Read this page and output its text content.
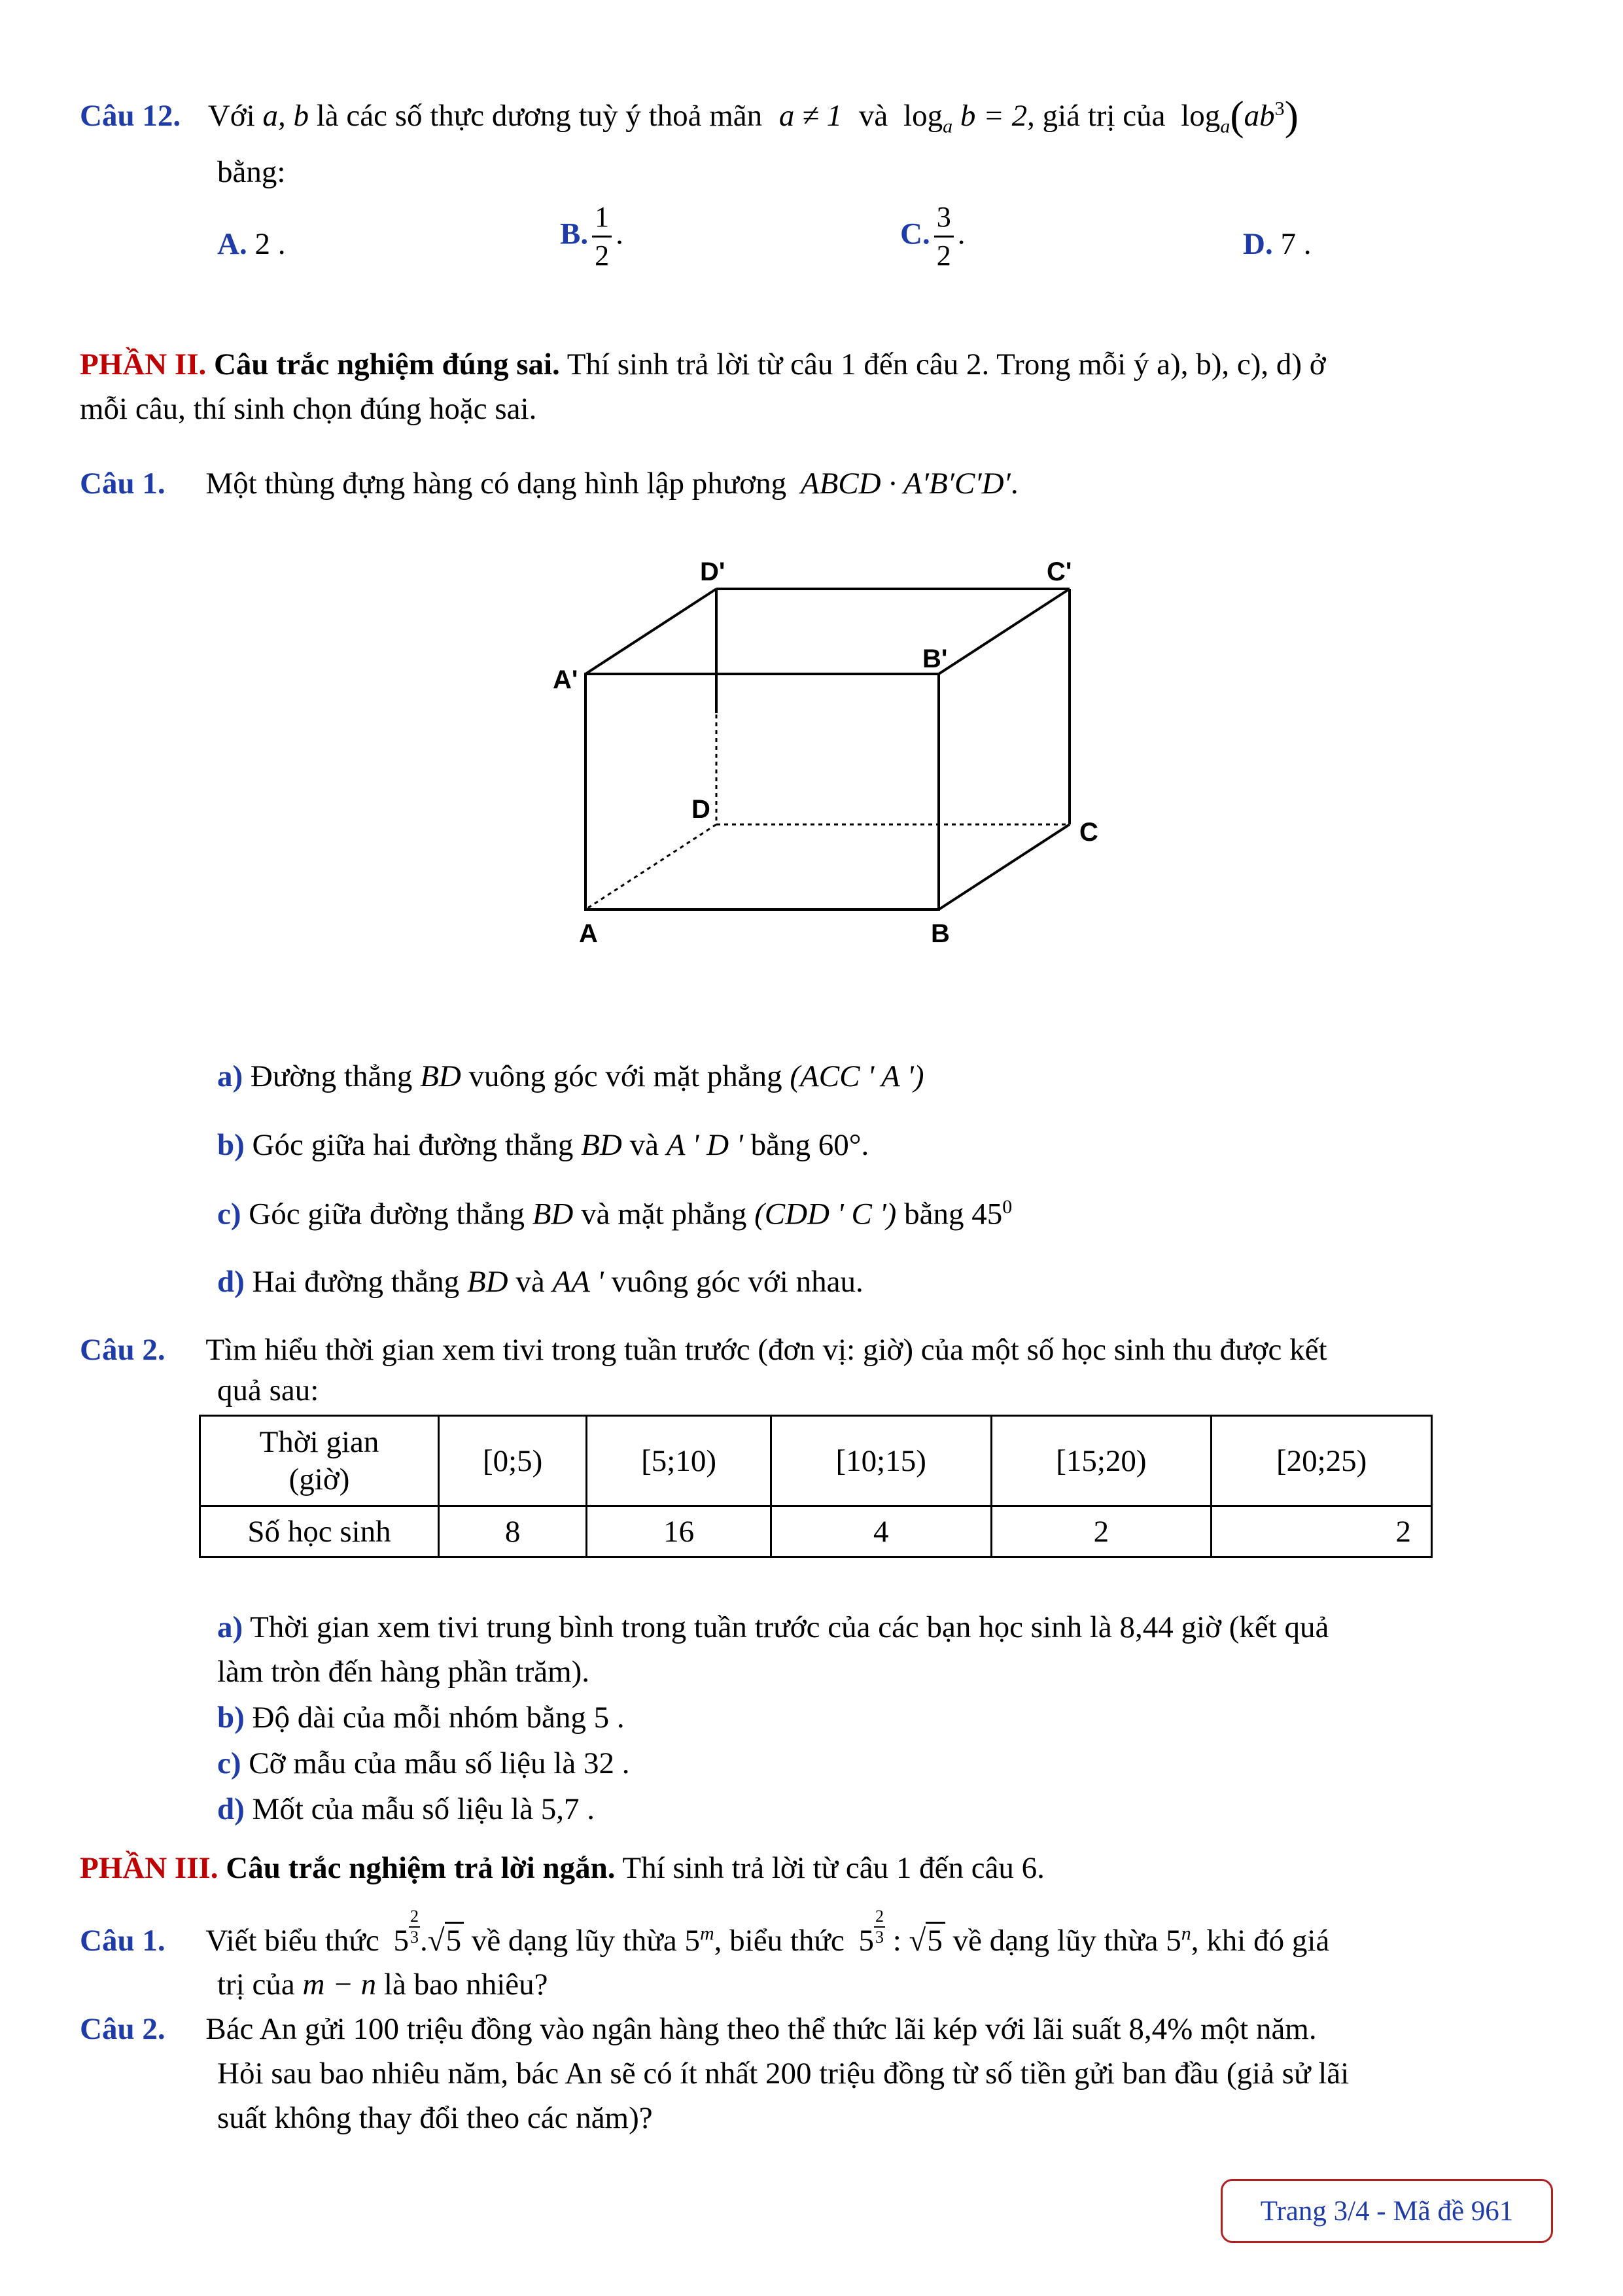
Câu 12. Với a, b là các số thực dương tuỳ ý thoả mãn a ≠ 1 và $\log_a b = 2$, giá trị của $\log_a(ab^3)$
bằng:
A. 2 .	B. $\frac{1}{2}$ .	C. $\frac{3}{2}$ .	D. 7 .
PHẦN II. Câu trắc nghiệm đúng sai. Thí sinh trả lời từ câu 1 đến câu 2. Trong mỗi ý a), b), c), d) ở
mỗi câu, thí sinh chọn đúng hoặc sai.
Câu 1. Một thùng đựng hàng có dạng hình lập phương ABCD · A′B′C′D′.
D'	C'
A'
B'
D
C
A	B
a) Đường thẳng BD vuông góc với mặt phẳng (ACC ' A ')
b) Góc giữa hai đường thẳng BD và A ' D ' bằng 60°.
c) Góc giữa đường thẳng BD và mặt phẳng (CDD ' C ') bằng $45^0$
d) Hai đường thẳng BD và AA ' vuông góc với nhau.
Câu 2. Tìm hiểu thời gian xem tivi trong tuần trước (đơn vị: giờ) của một số học sinh thu được kết
quả sau:
Thời gian
(giờ)	[0;5)	[5;10)	[10;15)	[15;20)	[20;25)
Số học sinh	8	16	4	2	2
a) Thời gian xem tivi trung bình trong tuần trước của các bạn học sinh là 8,44 giờ (kết quả
làm tròn đến hàng phần trăm).
b) Độ dài của mỗi nhóm bằng 5 .
c) Cỡ mẫu của mẫu số liệu là 32 .
d) Mốt của mẫu số liệu là 5,7 .
PHẦN III. Câu trắc nghiệm trả lời ngắn. Thí sinh trả lời từ câu 1 đến câu 6.
Câu 1. Viết biểu thức $5 \frac{2}{3} .√5$ về dạng lũy thừa 5$^m$, biểu thức $5 \frac{2}{3}$ : √5 về dạng lũy thừa 5$^n$, khi đó giá
trị của m − n là bao nhiêu?
Câu 2. Bác An gửi 100 triệu đồng vào ngân hàng theo thể thức lãi kép với lãi suất 8,4% một năm.
Hỏi sau bao nhiêu năm, bác An sẽ có ít nhất 200 triệu đồng từ số tiền gửi ban đầu (giả sử lãi
suất không thay đổi theo các năm)?
Trang 3/4 - Mã đề 961
